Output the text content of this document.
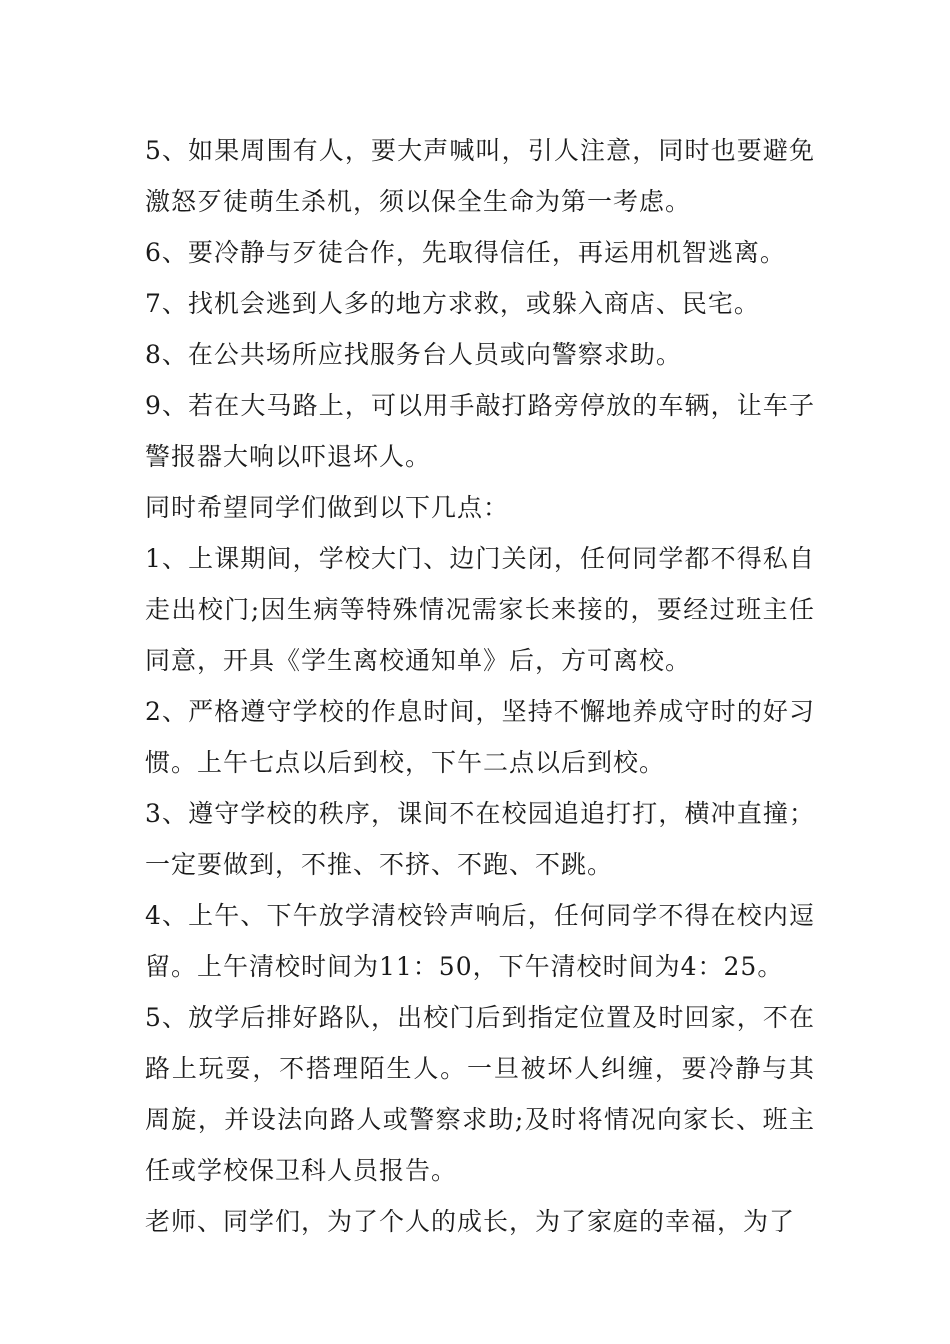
5、如果周围有人，要大声喊叫，引人注意，同时也要避免激怒歹徒萌生杀机，须以保全生命为第一考虑。

6、要冷静与歹徒合作，先取得信任，再运用机智逃离。

7、找机会逃到人多的地方求救，或躲入商店、民宅。

8、在公共场所应找服务台人员或向警察求助。

9、若在大马路上，可以用手敲打路旁停放的车辆，让车子警报器大响以吓退坏人。

同时希望同学们做到以下几点：

1、上课期间，学校大门、边门关闭，任何同学都不得私自走出校门;因生病等特殊情况需家长来接的，要经过班主任同意，开具《学生离校通知单》后，方可离校。

2、严格遵守学校的作息时间，坚持不懈地养成守时的好习惯。上午七点以后到校，下午二点以后到校。

3、遵守学校的秩序，课间不在校园追追打打，横冲直撞；一定要做到，不推、不挤、不跑、不跳。

4、上午、下午放学清校铃声响后，任何同学不得在校内逗留。上午清校时间为11：50，下午清校时间为4：25。

5、放学后排好路队，出校门后到指定位置及时回家，不在路上玩耍，不搭理陌生人。一旦被坏人纠缠，要冷静与其周旋，并设法向路人或警察求助;及时将情况向家长、班主任或学校保卫科人员报告。

老师、同学们，为了个人的成长，为了家庭的幸福，为了
